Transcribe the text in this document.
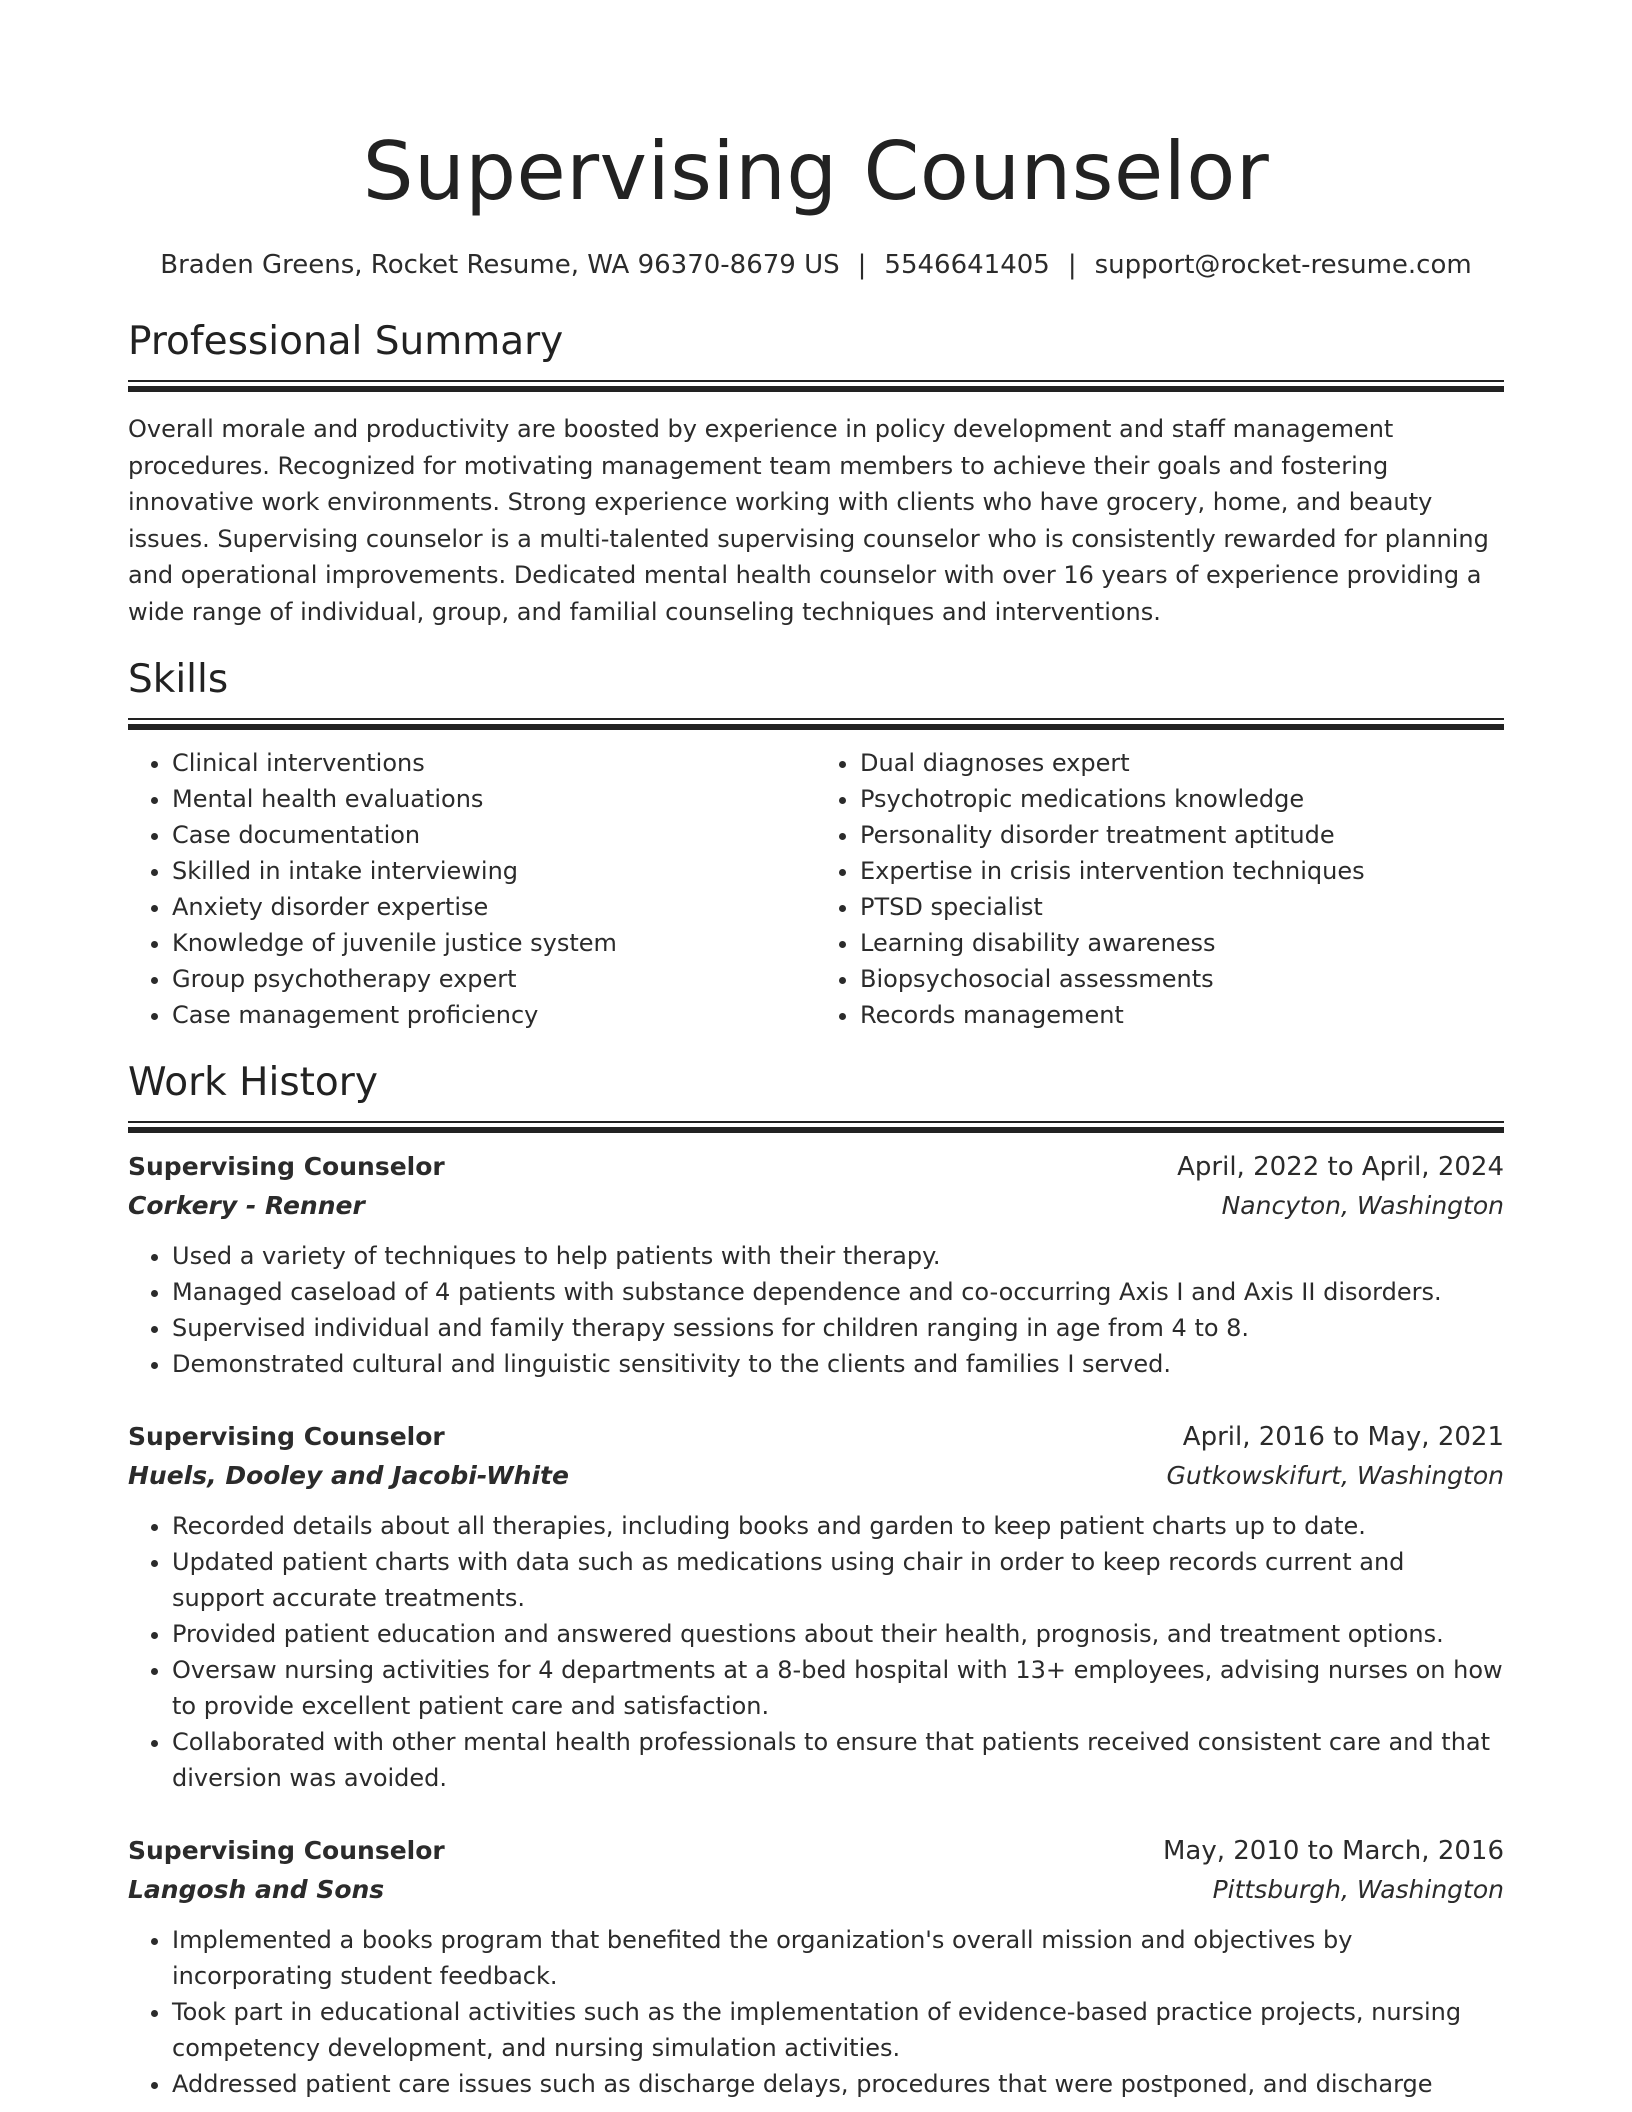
Supervising Counselor
Braden Greens, Rocket Resume, WA 96370-8679 US | 5546641405 | support@rocket-resume.com
Professional Summary

Overall morale and productivity are boosted by experience in policy development and staff management procedures. Recognized for motivating management team members to achieve their goals and fostering innovative work environments. Strong experience working with clients who have grocery, home, and beauty issues. Supervising counselor is a multi-talented supervising counselor who is consistently rewarded for planning and operational improvements. Dedicated mental health counselor with over 16 years of experience providing a wide range of individual, group, and familial counseling techniques and interventions.

Skills
• Clinical interventions
• Mental health evaluations
• Case documentation
• Skilled in intake interviewing
• Anxiety disorder expertise
• Knowledge of juvenile justice system
• Group psychotherapy expert
• Case management proficiency
• Dual diagnoses expert
• Psychotropic medications knowledge
• Personality disorder treatment aptitude
• Expertise in crisis intervention techniques
• PTSD specialist
• Learning disability awareness
• Biopsychosocial assessments
• Records management
Work History
Supervising Counselor	April, 2022 to April, 2024
Corkery - Renner	Nancyton, Washington
• Used a variety of techniques to help patients with their therapy.
• Managed caseload of 4 patients with substance dependence and co-occurring Axis I and Axis II disorders.
• Supervised individual and family therapy sessions for children ranging in age from 4 to 8.
• Demonstrated cultural and linguistic sensitivity to the clients and families I served.
Supervising Counselor	April, 2016 to May, 2021
Huels, Dooley and Jacobi-White	Gutkowskifurt, Washington
• Recorded details about all therapies, including books and garden to keep patient charts up to date.
• Updated patient charts with data such as medications using chair in order to keep records current and support accurate treatments.
• Provided patient education and answered questions about their health, prognosis, and treatment options.
• Oversaw nursing activities for 4 departments at a 8-bed hospital with 13+ employees, advising nurses on how to provide excellent patient care and satisfaction.
• Collaborated with other mental health professionals to ensure that patients received consistent care and that diversion was avoided.
Supervising Counselor	May, 2010 to March, 2016
Langosh and Sons	Pittsburgh, Washington
• Implemented a books program that benefited the organization's overall mission and objectives by incorporating student feedback.
• Took part in educational activities such as the implementation of evidence-based practice projects, nursing competency development, and nursing simulation activities.
• Addressed patient care issues such as discharge delays, procedures that were postponed, and discharge
